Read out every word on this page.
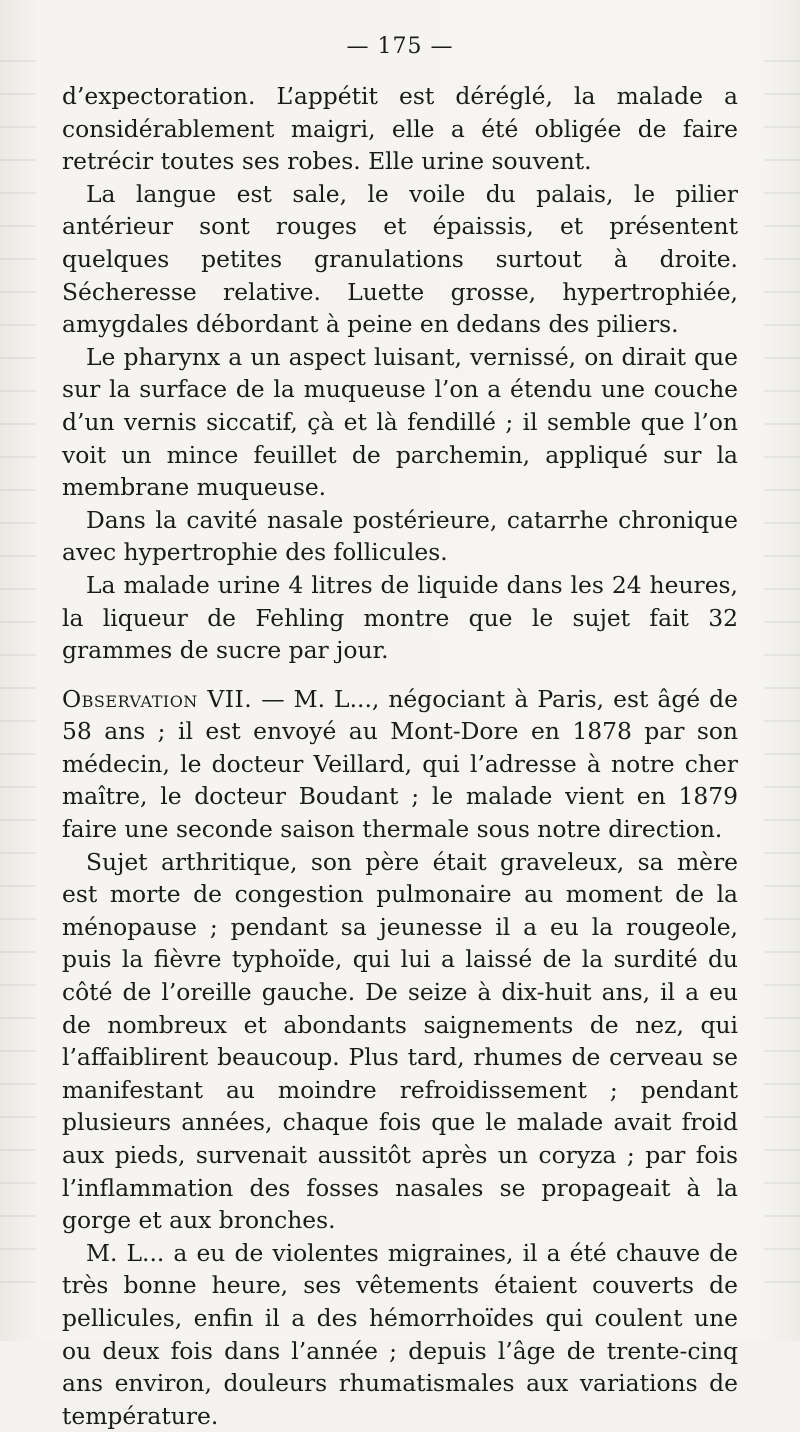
— 175 —

d’expectoration. L’appétit est déréglé, la malade a considérablement maigri, elle a été obligée de faire retrécir toutes ses robes. Elle urine souvent.

La langue est sale, le voile du palais, le pilier antérieur sont rouges et épaissis, et présentent quelques petites granulations surtout à droite. Sécheresse relative. Luette grosse, hypertrophiée, amygdales débordant à peine en dedans des piliers.

Le pharynx a un aspect luisant, vernissé, on dirait que sur la surface de la muqueuse l’on a étendu une couche d’un vernis siccatif, çà et là fendillé ; il semble que l’on voit un mince feuillet de parchemin, appliqué sur la membrane muqueuse.

Dans la cavité nasale postérieure, catarrhe chronique avec hypertrophie des follicules.

La malade urine 4 litres de liquide dans les 24 heures, la liqueur de Fehling montre que le sujet fait 32 grammes de sucre par jour.

Observation VII. — M. L..., négociant à Paris, est âgé de 58 ans ; il est envoyé au Mont-Dore en 1878 par son médecin, le docteur Veillard, qui l’adresse à notre cher maître, le docteur Boudant ; le malade vient en 1879 faire une seconde saison thermale sous notre direction.

Sujet arthritique, son père était graveleux, sa mère est morte de congestion pulmonaire au moment de la ménopause ; pendant sa jeunesse il a eu la rougeole, puis la fièvre typhoïde, qui lui a laissé de la surdité du côté de l’oreille gauche. De seize à dix-huit ans, il a eu de nombreux et abondants saignements de nez, qui l’affaiblirent beaucoup. Plus tard, rhumes de cerveau se manifestant au moindre refroidissement ; pendant plusieurs années, chaque fois que le malade avait froid aux pieds, survenait aussitôt après un coryza ; par fois l’inflammation des fosses nasales se propageait à la gorge et aux bronches.

M. L... a eu de violentes migraines, il a été chauve de très bonne heure, ses vêtements étaient couverts de pellicules, enfin il a des hémorrhoïdes qui coulent une ou deux fois dans l’année ; depuis l’âge de trente-cinq ans environ, douleurs rhumatismales aux variations de température.
